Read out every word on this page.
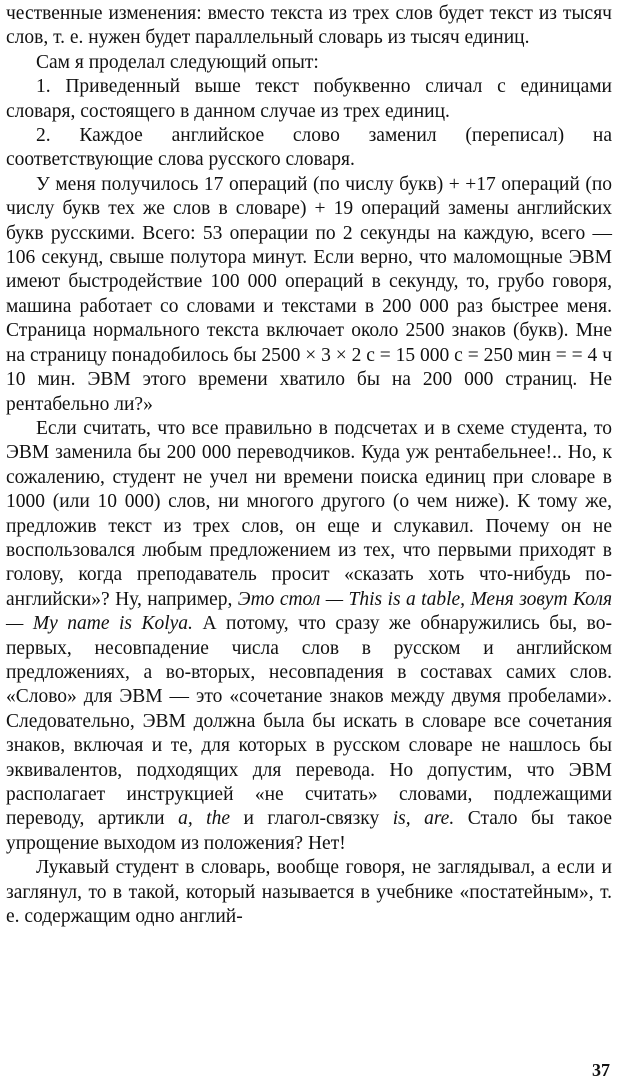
чественные изменения: вместо текста из трех слов будет текст из тысяч слов, т. е. нужен будет параллельный словарь из тысяч единиц.

Сам я проделал следующий опыт:

1. Приведенный выше текст побуквенно сличал с единицами словаря, состоящего в данном случае из трех единиц.

2. Каждое английское слово заменил (переписал) на соответствующие слова русского словаря.

У меня получилось 17 операций (по числу букв) + +17 операций (по числу букв тех же слов в словаре) + 19 операций замены английских букв русскими. Всего: 53 операции по 2 секунды на каждую, всего — 106 секунд, свыше полутора минут. Если верно, что маломощные ЭВМ имеют быстродействие 100 000 операций в секунду, то, грубо говоря, машина работает со словами и текстами в 200 000 раз быстрее меня. Страница нормального текста включает около 2500 знаков (букв). Мне на страницу понадобилось бы 2500 × 3 × 2 с = 15 000 с = 250 мин = = 4 ч 10 мин. ЭВМ этого времени хватило бы на 200 000 страниц. Не рентабельно ли?»

Если считать, что все правильно в подсчетах и в схеме студента, то ЭВМ заменила бы 200 000 переводчиков. Куда уж рентабельнее!.. Но, к сожалению, студент не учел ни времени поиска единиц при словаре в 1000 (или 10 000) слов, ни многого другого (о чем ниже). К тому же, предложив текст из трех слов, он еще и слукавил. Почему он не воспользовался любым предложением из тех, что первыми приходят в голову, когда преподаватель просит «сказать хоть что-нибудь по-английски»? Ну, например, Это стол — This is a table, Меня зовут Коля — My name is Kolya. А потому, что сразу же обнаружились бы, во-первых, несовпадение числа слов в русском и английском предложениях, а во-вторых, несовпадения в составах самих слов. «Слово» для ЭВМ — это «сочетание знаков между двумя пробелами». Следовательно, ЭВМ должна была бы искать в словаре все сочетания знаков, включая и те, для которых в русском словаре не нашлось бы эквивалентов, подходящих для перевода. Но допустим, что ЭВМ располагает инструкцией «не считать» словами, подлежащими переводу, артикли a, the и глагол-связку is, are. Стало бы такое упрощение выходом из положения? Нет!

Лукавый студент в словарь, вообще говоря, не заглядывал, а если и заглянул, то в такой, который называется в учебнике «постатейным», т. е. содержащим одно англий-

37
